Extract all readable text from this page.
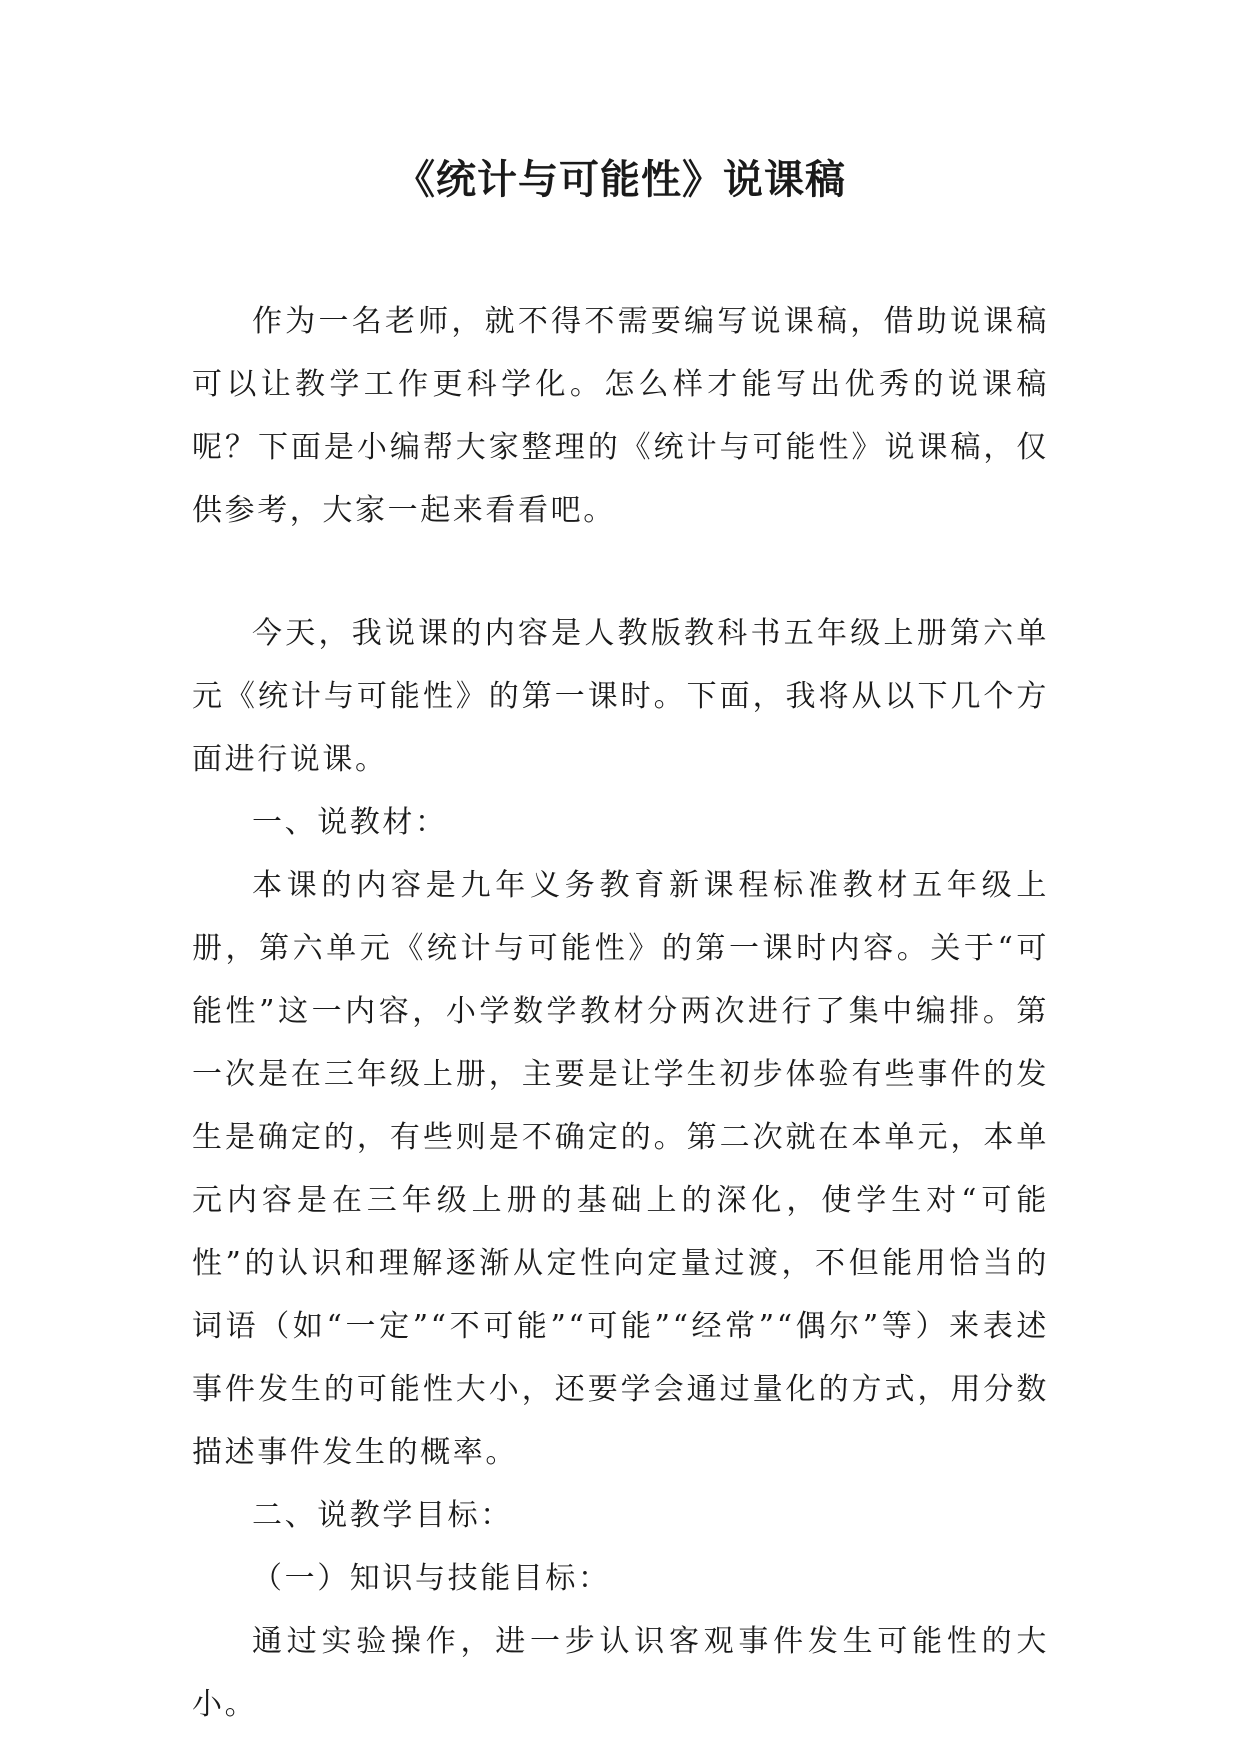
《统计与可能性》说课稿

作为一名老师，就不得不需要编写说课稿，借助说课稿可以让教学工作更科学化。怎么样才能写出优秀的说课稿呢？下面是小编帮大家整理的《统计与可能性》说课稿，仅供参考，大家一起来看看吧。

今天，我说课的内容是人教版教科书五年级上册第六单元《统计与可能性》的第一课时。下面，我将从以下几个方面进行说课。

一、说教材：

本课的内容是九年义务教育新课程标准教材五年级上册，第六单元《统计与可能性》的第一课时内容。关于“可能性”这一内容，小学数学教材分两次进行了集中编排。第一次是在三年级上册，主要是让学生初步体验有些事件的发生是确定的，有些则是不确定的。第二次就在本单元，本单元内容是在三年级上册的基础上的深化，使学生对“可能性”的认识和理解逐渐从定性向定量过渡，不但能用恰当的词语（如“一定”“不可能”“可能”“经常”“偶尔”等）来表述事件发生的可能性大小，还要学会通过量化的方式，用分数描述事件发生的概率。

二、说教学目标：

（一）知识与技能目标：

通过实验操作，进一步认识客观事件发生可能性的大小。
